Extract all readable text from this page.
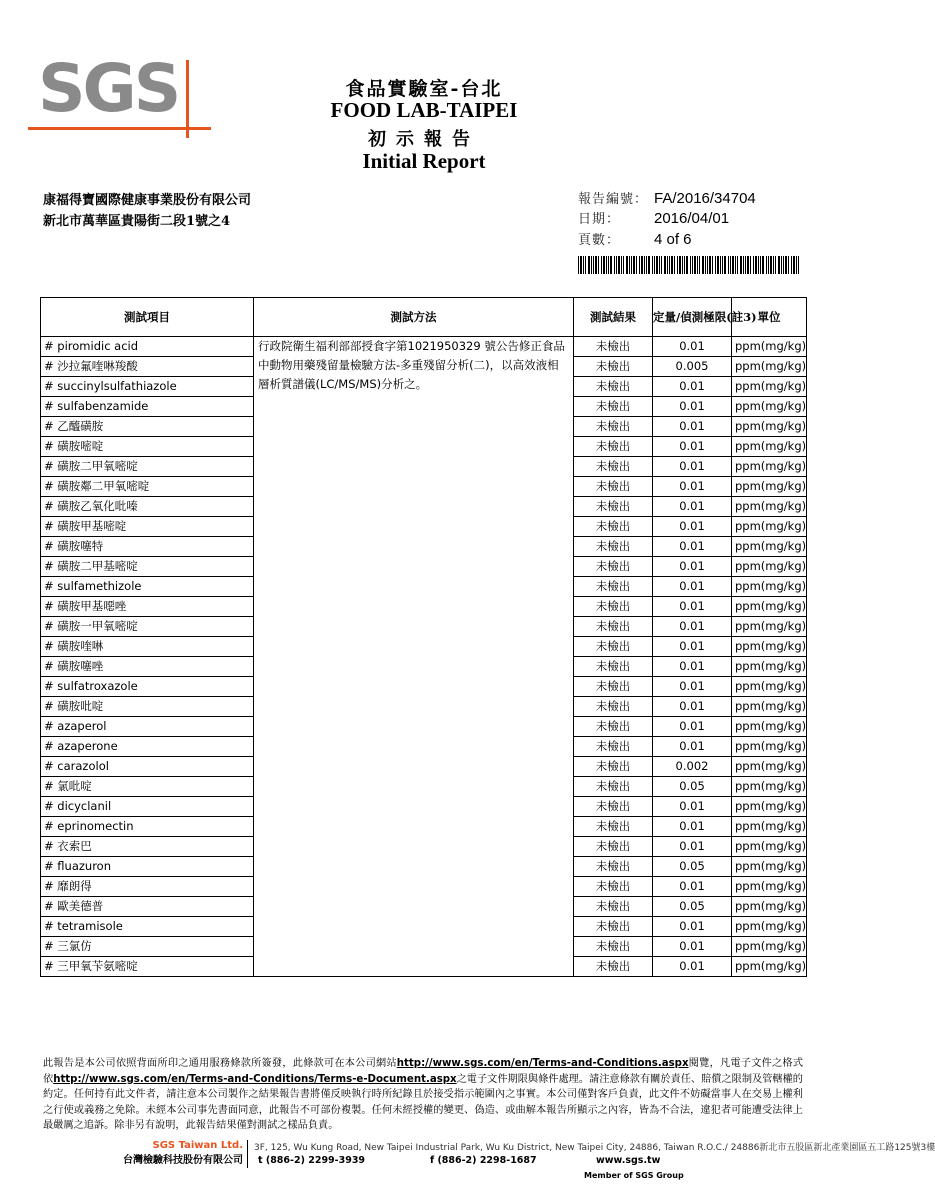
SGS	食品實驗室-台北
FOOD LAB-TAIPEI
初示報告
Initial Report
康福得寶國際健康事業股份有限公司
新北市萬華區貴陽街二段1號之4
報告編號： FA/2016/34704
日期： 2016/04/01
頁數： 4 of 6
測試項目	測試方法	測試結果	定量/偵測極限(註3)	單位
# piromidic acid	行政院衛生福利部部授食字第1021950329 號公告修正食品中動物用藥殘留量檢驗方法-多重殘留分析(二)，以高效液相層析質譜儀(LC/MS/MS)分析之。	未檢出	0.01	ppm(mg/kg)
# 沙拉氟喹啉羧酸		未檢出	0.005	ppm(mg/kg)
# succinylsulfathiazole		未檢出	0.01	ppm(mg/kg)
# sulfabenzamide		未檢出	0.01	ppm(mg/kg)
# 乙醯磺胺		未檢出	0.01	ppm(mg/kg)
# 磺胺嘧啶		未檢出	0.01	ppm(mg/kg)
# 磺胺二甲氧嘧啶		未檢出	0.01	ppm(mg/kg)
# 磺胺鄰二甲氧嘧啶		未檢出	0.01	ppm(mg/kg)
# 磺胺乙氧化吡嗪		未檢出	0.01	ppm(mg/kg)
# 磺胺甲基嘧啶		未檢出	0.01	ppm(mg/kg)
# 磺胺噻特		未檢出	0.01	ppm(mg/kg)
# 磺胺二甲基嘧啶		未檢出	0.01	ppm(mg/kg)
# sulfamethizole		未檢出	0.01	ppm(mg/kg)
# 磺胺甲基噁唑		未檢出	0.01	ppm(mg/kg)
# 磺胺一甲氧嘧啶		未檢出	0.01	ppm(mg/kg)
# 磺胺喹啉		未檢出	0.01	ppm(mg/kg)
# 磺胺噻唑		未檢出	0.01	ppm(mg/kg)
# sulfatroxazole		未檢出	0.01	ppm(mg/kg)
# 磺胺吡啶		未檢出	0.01	ppm(mg/kg)
# azaperol		未檢出	0.01	ppm(mg/kg)
# azaperone		未檢出	0.01	ppm(mg/kg)
# carazolol		未檢出	0.002	ppm(mg/kg)
# 氯吡啶		未檢出	0.05	ppm(mg/kg)
# dicyclanil		未檢出	0.01	ppm(mg/kg)
# eprinomectin		未檢出	0.01	ppm(mg/kg)
# 衣索巴		未檢出	0.01	ppm(mg/kg)
# fluazuron		未檢出	0.05	ppm(mg/kg)
# 靡朗得		未檢出	0.01	ppm(mg/kg)
# 歐美德普		未檢出	0.05	ppm(mg/kg)
# tetramisole		未檢出	0.01	ppm(mg/kg)
# 三氯仿		未檢出	0.01	ppm(mg/kg)
# 三甲氧苄氨嘧啶		未檢出	0.01	ppm(mg/kg)
此報告是本公司依照背面所印之通用服務條款所簽發，此條款可在本公司網站http://www.sgs.com/en/Terms-and-Conditions.aspx閱覽，凡電子文件之格式依http://www.sgs.com/en/Terms-and-Conditions/Terms-e-Document.aspx之電子文件期限與條件處理。請注意條款有關於責任、賠償之限制及管轄權的約定。任何持有此文件者，請注意本公司製作之結果報告書將僅反映執行時所紀錄且於接受指示範圍內之事實。本公司僅對客戶負責，此文件不妨礙當事人在交易上權利之行使或義務之免除。未經本公司事先書面同意，此報告不可部份複製。任何未經授權的變更、偽造、或曲解本報告所顯示之內容，皆為不合法，違犯者可能遭受法律上最嚴厲之追訴。除非另有說明，此報告結果僅對測試之樣品負責。
SGS Taiwan Ltd.
台灣檢驗科技股份有限公司
3F, 125, Wu Kung Road, New Taipei Industrial Park, Wu Ku District, New Taipei City, 24886, Taiwan R.O.C./ 24886新北市五股區新北產業園區五工路125號3樓
t (886-2) 2299-3939	f (886-2) 2298-1687	www.sgs.tw
Member of SGS Group
